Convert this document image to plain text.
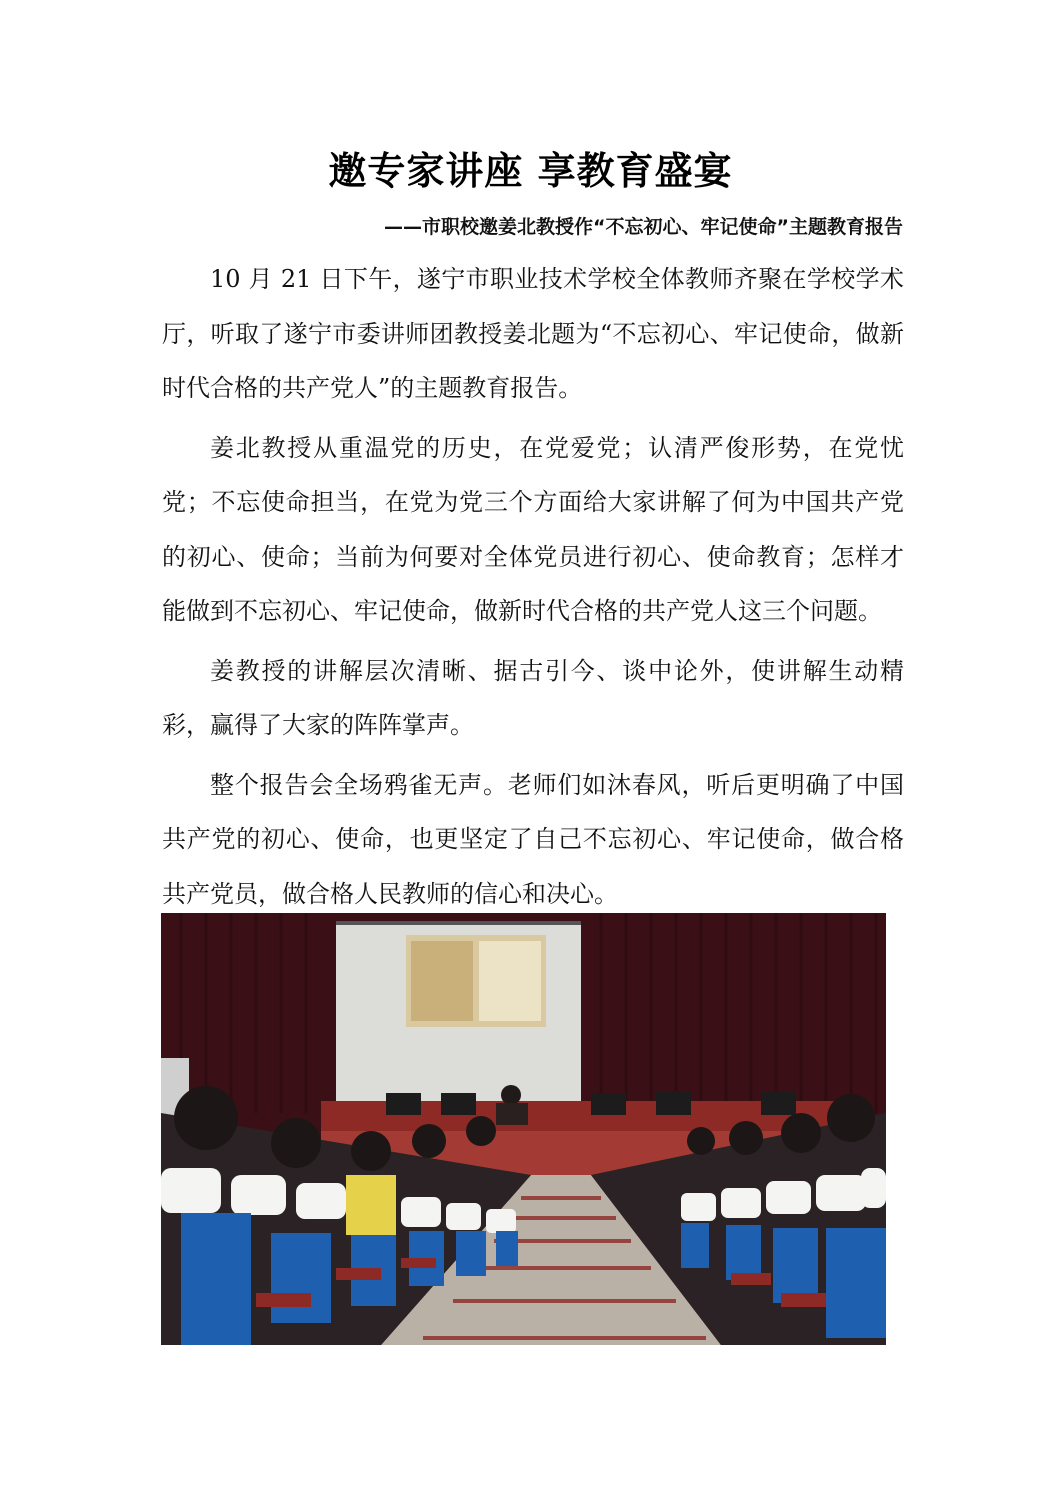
邀专家讲座 享教育盛宴
——市职校邀姜北教授作“不忘初心、牢记使命”主题教育报告

10 月 21 日下午，遂宁市职业技术学校全体教师齐聚在学校学术厅，听取了遂宁市委讲师团教授姜北题为“不忘初心、牢记使命，做新时代合格的共产党人”的主题教育报告。

姜北教授从重温党的历史，在党爱党；认清严俊形势，在党忧党；不忘使命担当，在党为党三个方面给大家讲解了何为中国共产党的初心、使命；当前为何要对全体党员进行初心、使命教育；怎样才能做到不忘初心、牢记使命，做新时代合格的共产党人这三个问题。

姜教授的讲解层次清晰、据古引今、谈中论外，使讲解生动精彩，赢得了大家的阵阵掌声。

整个报告会全场鸦雀无声。老师们如沐春风，听后更明确了中国共产党的初心、使命，也更坚定了自己不忘初心、牢记使命，做合格共产党员，做合格人民教师的信心和决心。
